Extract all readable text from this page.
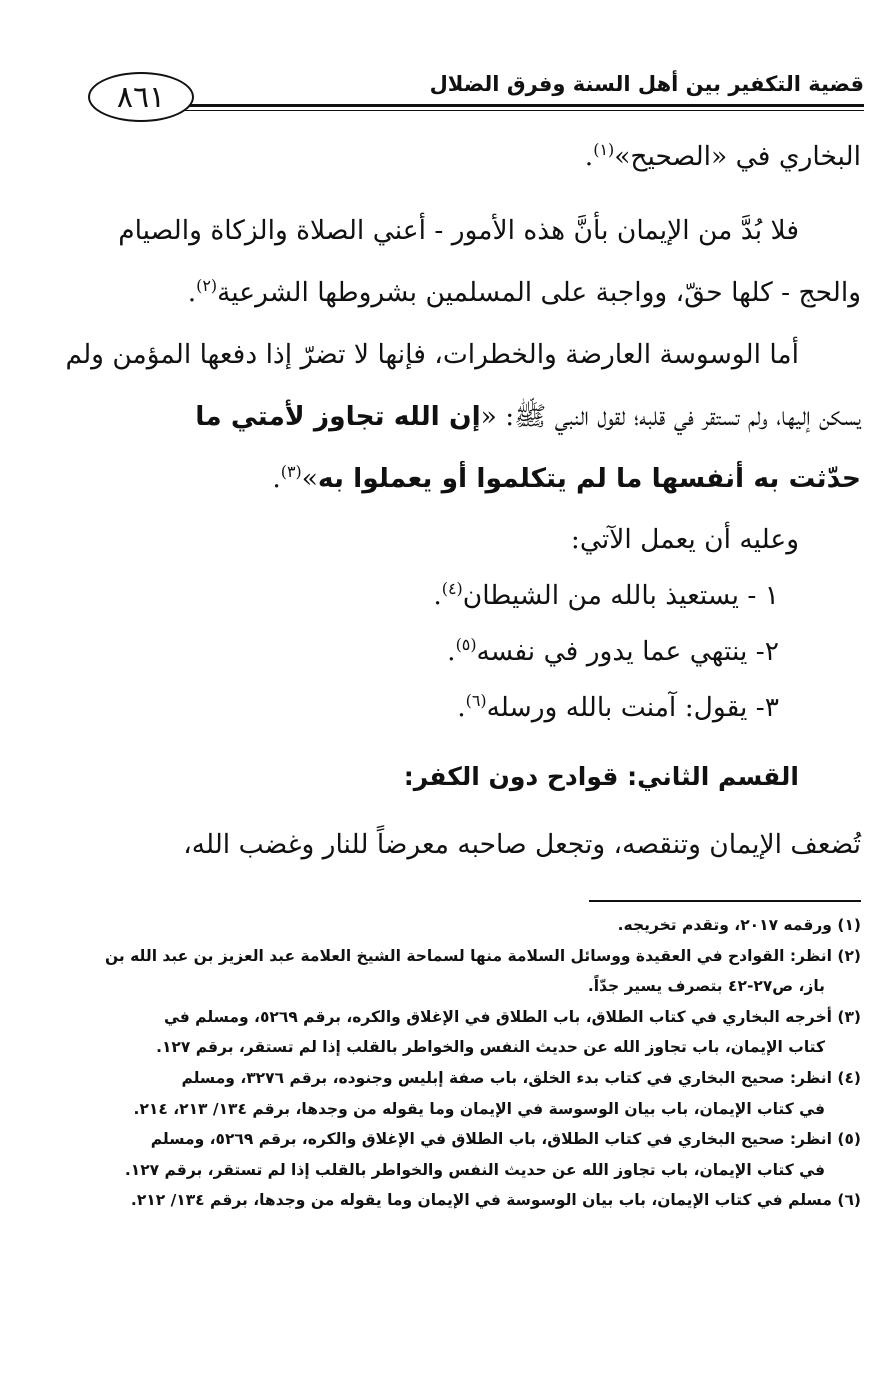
٨٦١	قضية التكفير بين أهل السنة وفرق الضلال
البخاري في «الصحيح»$^{(١)}$.
فلا بُدَّ من الإيمان بأنَّ هذه الأمور - أعني الصلاة والزكاة والصيام
والحج - كلها حقّ، وواجبة على المسلمين بشروطها الشرعية$^{(٢)}$.
أما الوسوسة العارضة والخطرات، فإنها لا تضرّ إذا دفعها المؤمن ولم
يسكن إليها، ولم تستقر في قلبه؛ لقول النبي ﷺ: «إن الله تجاوز لأمتي ما
حدّثت به أنفسها ما لم يتكلموا أو يعملوا به»$^{(٣)}$.
وعليه أن يعمل الآتي:
١ - يستعيذ بالله من الشيطان$^{(٤)}$.
٢- ينتهي عما يدور في نفسه$^{(٥)}$.
٣- يقول: آمنت بالله ورسله$^{(٦)}$.
القسم الثاني: قوادح دون الكفر:
تُضعف الإيمان وتنقصه، وتجعل صاحبه معرضاً للنار وغضب الله،
(١) ورقمه ٢٠١٧، وتقدم تخريجه.
(٢) انظر: القوادح في العقيدة ووسائل السلامة منها لسماحة الشيخ العلامة عبد العزيز بن عبد الله بن
باز، ص٢٧-٤٢ بتصرف يسير جدّاً.
(٣) أخرجه البخاري في كتاب الطلاق، باب الطلاق في الإغلاق والكره، برقم ٥٢٦٩، ومسلم في
كتاب الإيمان، باب تجاوز الله عن حديث النفس والخواطر بالقلب إذا لم تستقر، برقم ١٢٧.
(٤) انظر: صحيح البخاري في كتاب بدء الخلق، باب صفة إبليس وجنوده، برقم ٣٢٧٦، ومسلم
في كتاب الإيمان، باب بيان الوسوسة في الإيمان وما يقوله من وجدها، برقم ١٣٤/ ٢١٣، ٢١٤.
(٥) انظر: صحيح البخاري في كتاب الطلاق، باب الطلاق في الإغلاق والكره، برقم ٥٢٦٩، ومسلم
في كتاب الإيمان، باب تجاوز الله عن حديث النفس والخواطر بالقلب إذا لم تستقر، برقم ١٢٧.
(٦) مسلم في كتاب الإيمان، باب بيان الوسوسة في الإيمان وما يقوله من وجدها، برقم ١٣٤/ ٢١٢.
